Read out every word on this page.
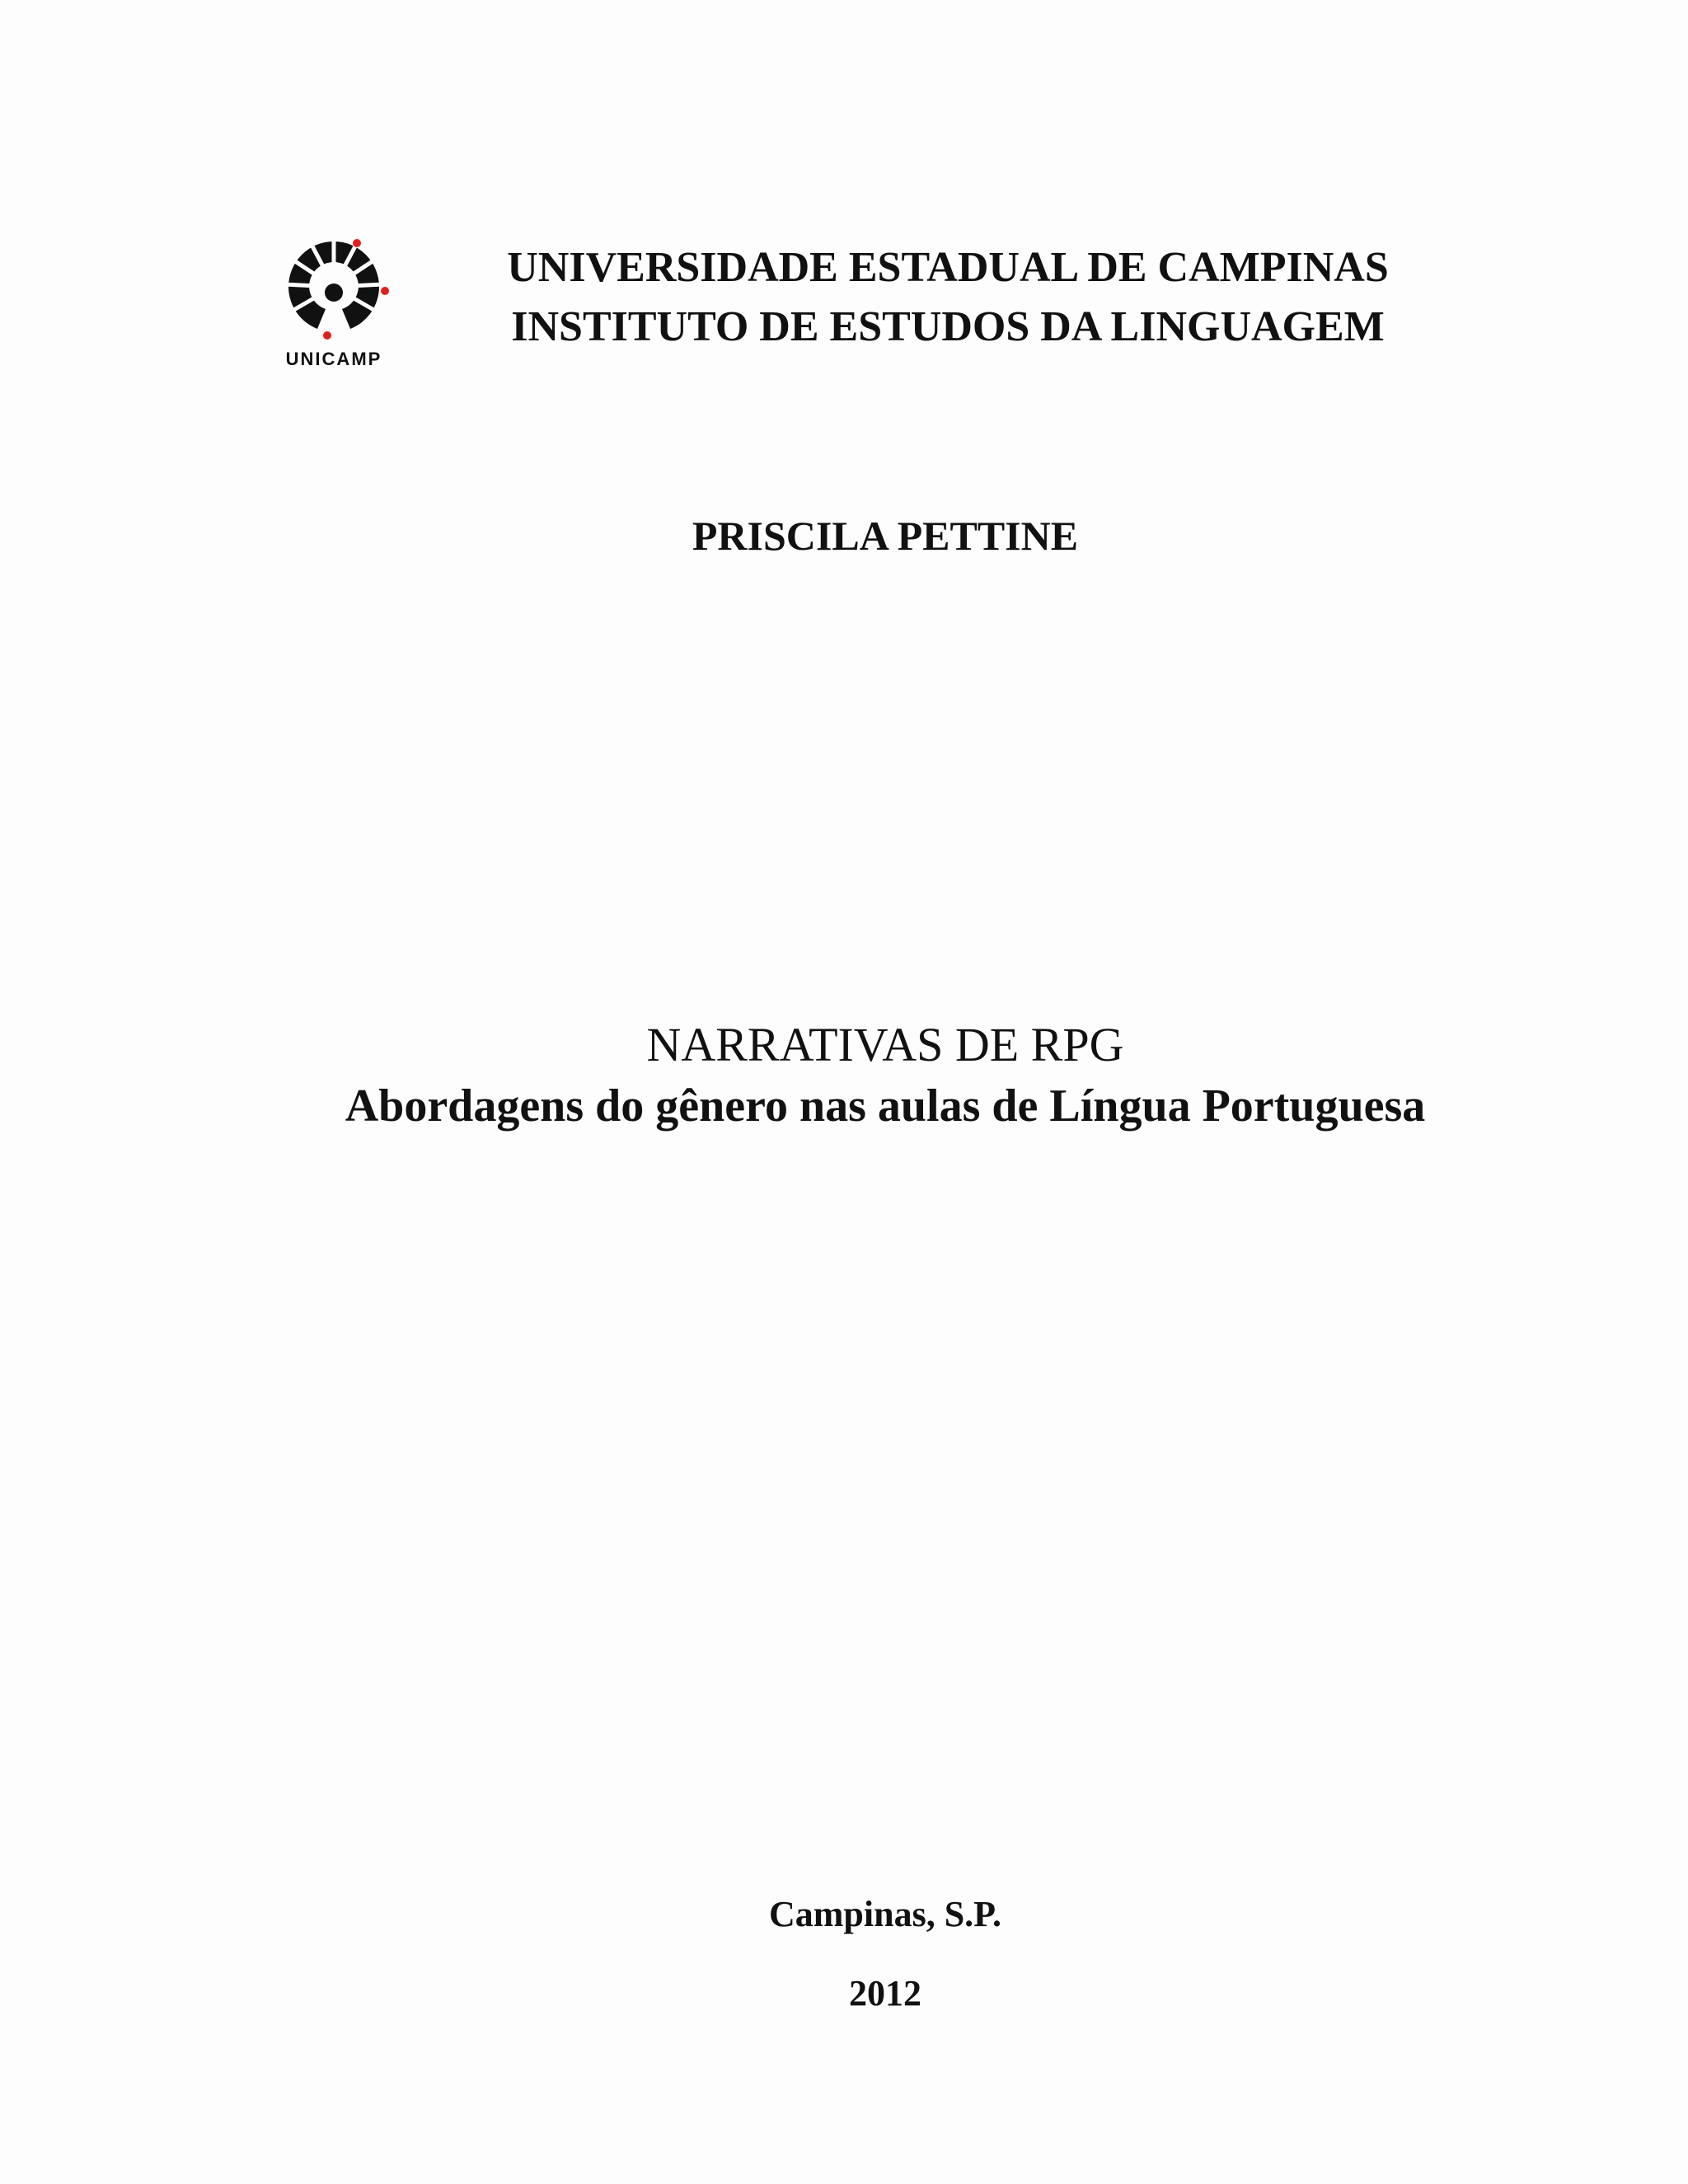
UNICAMP
UNIVERSIDADE ESTADUAL DE CAMPINAS
INSTITUTO DE ESTUDOS DA LINGUAGEM
PRISCILA PETTINE
NARRATIVAS DE RPG
Abordagens do gênero nas aulas de Língua Portuguesa
Campinas, S.P.
2012
